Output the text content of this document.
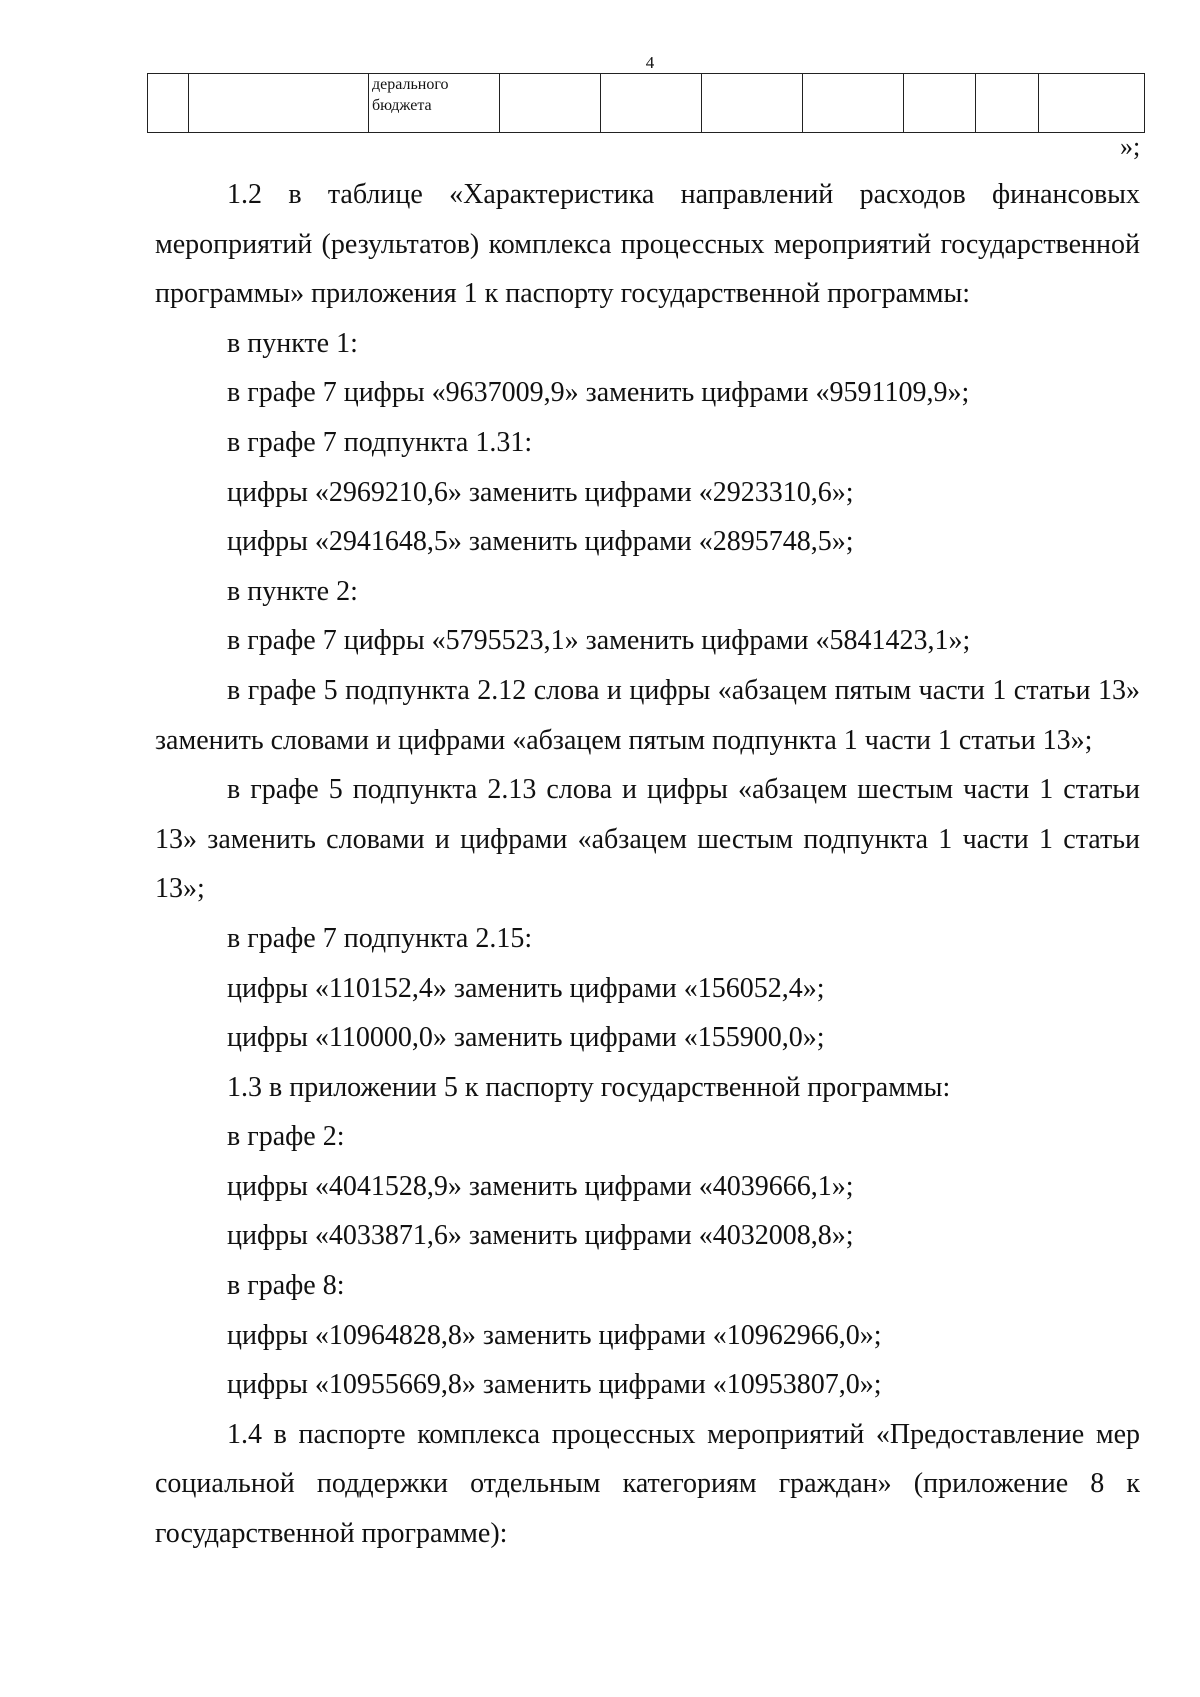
4

дерального
бюджета

»;

1.2 в таблице «Характеристика направлений расходов финансовых мероприятий (результатов) комплекса процессных мероприятий государственной программы» приложения 1 к паспорту государственной программы:

в пункте 1:

в графе 7 цифры «9637009,9» заменить цифрами «9591109,9»;

в графе 7 подпункта 1.31:

цифры «2969210,6» заменить цифрами «2923310,6»;

цифры «2941648,5» заменить цифрами «2895748,5»;

в пункте 2:

в графе 7 цифры «5795523,1» заменить цифрами «5841423,1»;

в графе 5 подпункта 2.12 слова и цифры «абзацем пятым части 1 статьи 13» заменить словами и цифрами «абзацем пятым подпункта 1 части 1 статьи 13»;

в графе 5 подпункта 2.13 слова и цифры «абзацем шестым части 1 статьи 13» заменить словами и цифрами «абзацем шестым подпункта 1 части 1 статьи 13»;

в графе 7 подпункта 2.15:

цифры «110152,4» заменить цифрами «156052,4»;

цифры «110000,0» заменить цифрами «155900,0»;

1.3 в приложении 5 к паспорту государственной программы:

в графе 2:

цифры «4041528,9» заменить цифрами «4039666,1»;

цифры «4033871,6» заменить цифрами «4032008,8»;

в графе 8:

цифры «10964828,8» заменить цифрами «10962966,0»;

цифры «10955669,8» заменить цифрами «10953807,0»;

1.4 в паспорте комплекса процессных мероприятий «Предоставление мер социальной поддержки отдельным категориям граждан» (приложение 8 к государственной программе):
